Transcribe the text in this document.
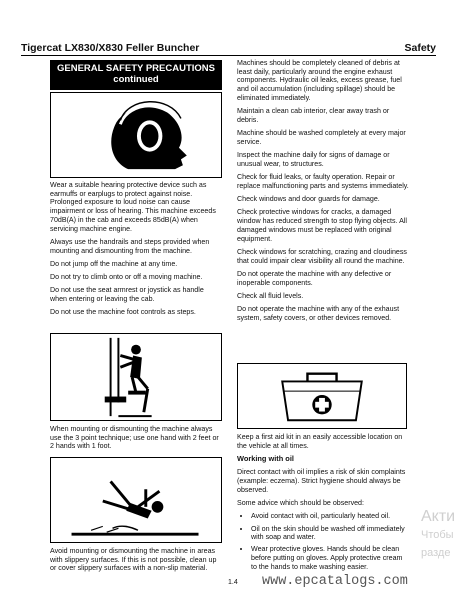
Tigercat LX830/X830 Feller Buncher	Safety
GENERAL SAFETY PRECAUTIONS
continued

Wear a suitable hearing protective device such as earmuffs or earplugs to protect against noise. Prolonged exposure to loud noise can cause impairment or loss of hearing. This machine exceeds 70dB(A) in the cab and exceeds 85dB(A) when servicing machine engine.

Always use the handrails and steps provided when mounting and dismounting from the machine.

Do not jump off the machine at any time.

Do not try to climb onto or off a moving machine.

Do not use the seat armrest or joystick as handle when entering or leaving the cab.

Do not use the machine foot controls as steps.

When mounting or dismounting the machine always use the 3 point technique; use one hand with 2 feet or 2 hands with 1 foot.

Avoid mounting or dismounting the machine in areas with slippery surfaces. If this is not possible, clean up or cover slippery surfaces with a non-slip material.

Machines should be completely cleaned of debris at least daily, particularly around the engine exhaust components. Hydraulic oil leaks, excess grease, fuel and oil accumulation (including spillage) should be eliminated immediately.

Maintain a clean cab interior, clear away trash or debris.

Machine should be washed completely at every major service.

Inspect the machine daily for signs of damage or unusual wear, to structures.

Check for fluid leaks, or faulty operation. Repair or replace malfunctioning parts and systems immediately.

Check windows and door guards for damage.

Check protective windows for cracks, a damaged window has reduced strength to stop flying objects. All damaged windows must be replaced with original equipment.

Check windows for scratching, crazing and cloudiness that could impair clear visibility all round the machine.

Do not operate the machine with any defective or inoperable components.

Check all fluid levels.

Do not operate the machine with any of the exhaust system, safety covers, or other devices removed.

Keep a first aid kit in an easily accessible location on the vehicle at all times.

Working with oil

Direct contact with oil implies a risk of skin complaints (example: eczema). Strict hygiene should always be observed.

Some advice which should be observed:

• Avoid contact with oil, particularly heated oil.
• Oil on the skin should be washed off immediately with soap and water.
• Wear protective gloves. Hands should be clean before putting on gloves. Apply protective cream to the hands to make washing easier.
1.4 www.epcatalogs.com
Акти
Чтобы
разде
